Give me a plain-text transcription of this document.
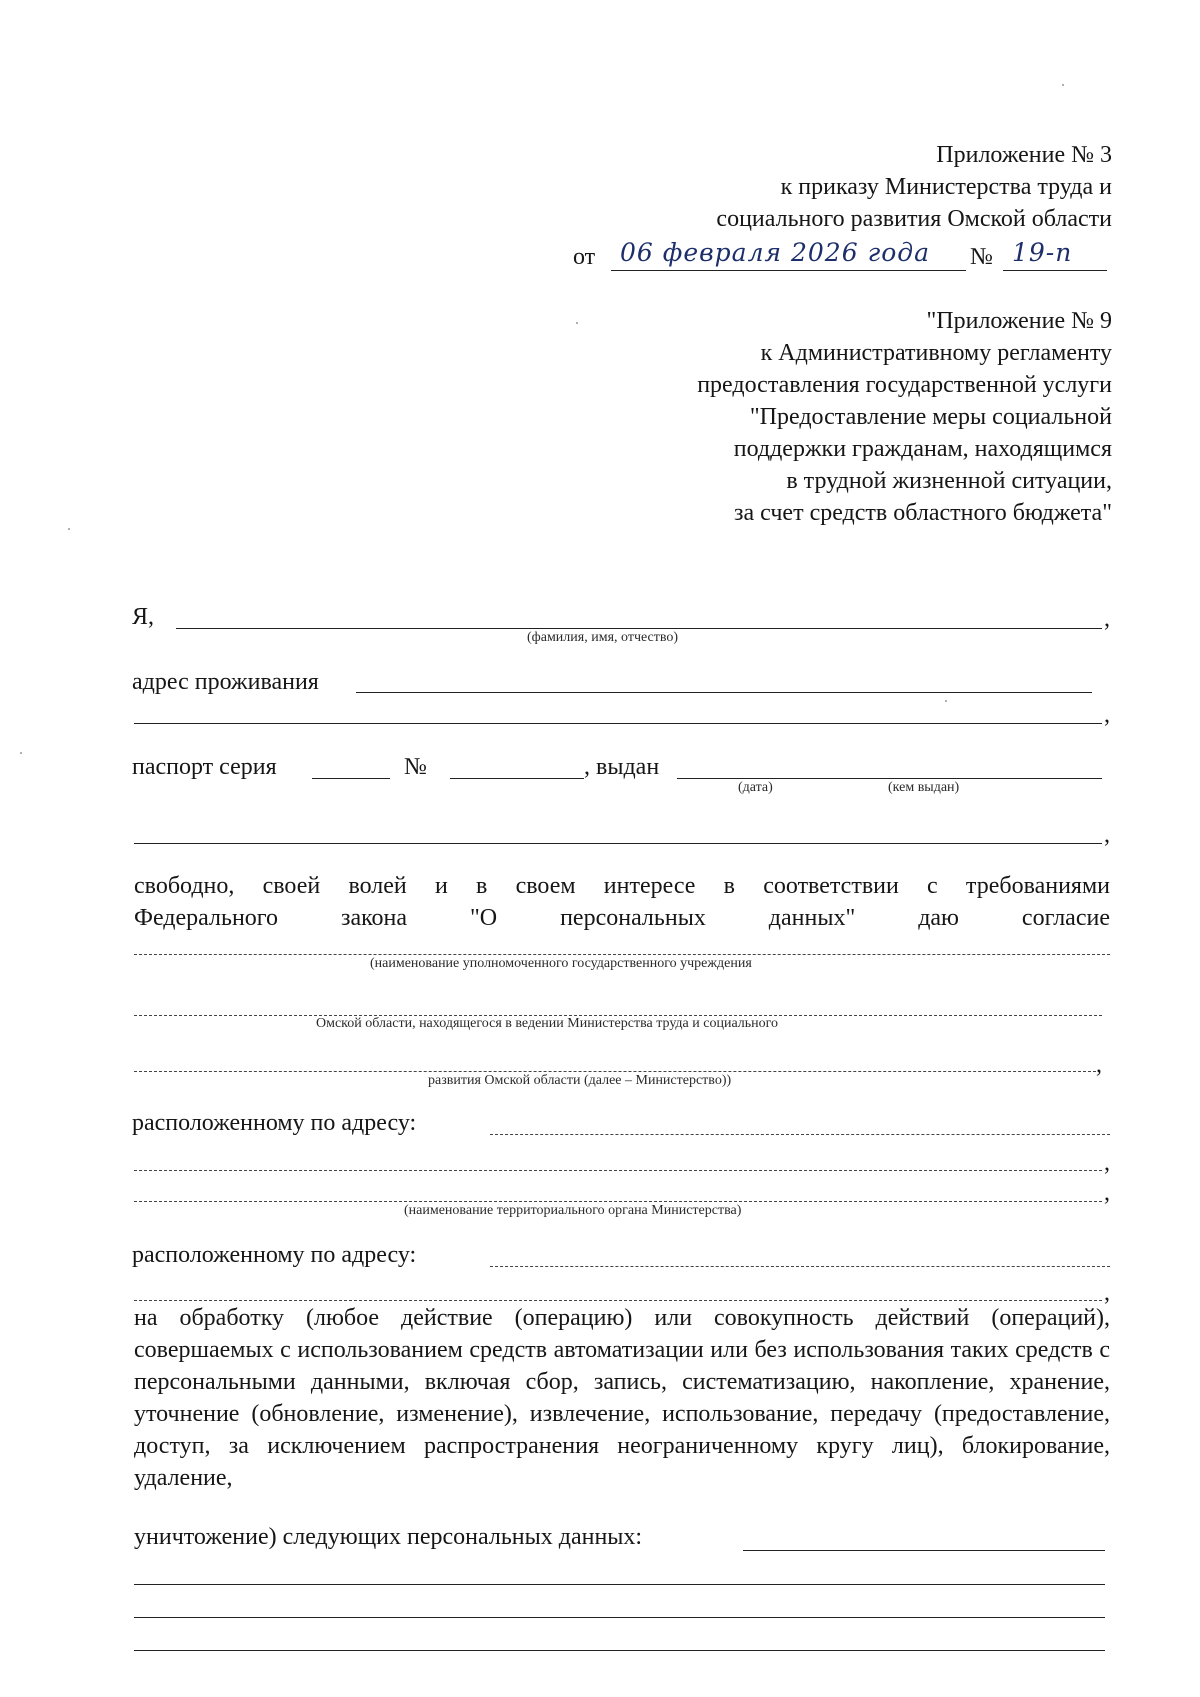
Приложение № 3
к приказу Министерства труда и
социального развития Омской области
от 06 февраля 2026 года № 19-п
"Приложение № 9
к Административному регламенту
предоставления государственной услуги
"Предоставление меры социальной
поддержки гражданам, находящимся
в трудной жизненной ситуации,
за счет средств областного бюджета"
Я,	,
(фамилия, имя, отчество)
адрес проживания
,
паспорт серия	№	, выдан
(дата)	(кем выдан)
,
свободно, своей волей и в своем интересе в соответствии с требованиями
Федерального	закона	"О	персональных	данных"	даю	согласие
(наименование уполномоченного государственного учреждения
Омской области, находящегося в ведении Министерства труда и социального
,
развития Омской области (далее – Министерство))
расположенному по адресу:
,
,
(наименование территориального органа Министерства)
расположенному по адресу:
,
на обработку (любое действие (операцию) или совокупность действий (операций), совершаемых с использованием средств автоматизации или без использования таких средств с персональными данными, включая сбор, запись, систематизацию, накопление, хранение, уточнение (обновление, изменение), извлечение, использование, передачу (предоставление, доступ, за исключением распространения неограниченному кругу лиц), блокирование, удаление,
уничтожение) следующих персональных данных:
